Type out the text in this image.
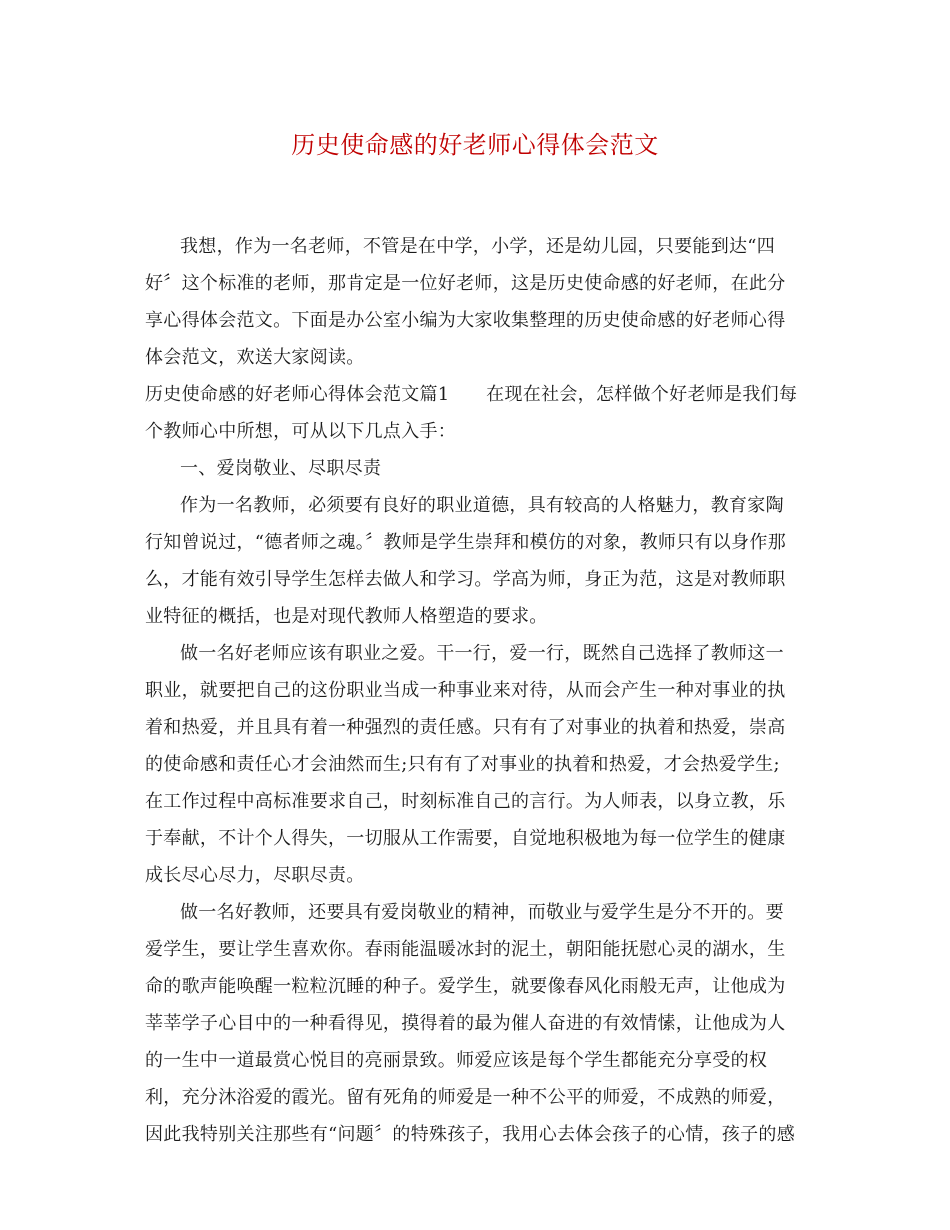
历史使命感的好老师心得体会范文
我想，作为一名老师，不管是在中学，小学，还是幼儿园，只要能到达“四
好〞这个标准的老师，那肯定是一位好老师，这是历史使命感的好老师，在此分
享心得体会范文。下面是办公室小编为大家收集整理的历史使命感的好老师心得
体会范文，欢送大家阅读。
历史使命感的好老师心得体会范文篇1　　在现在社会，怎样做个好老师是我们每
个教师心中所想，可从以下几点入手：
一、爱岗敬业、尽职尽责
作为一名教师，必须要有良好的职业道德，具有较高的人格魅力，教育家陶
行知曾说过，“德者师之魂。〞教师是学生崇拜和模仿的对象，教师只有以身作那
么，才能有效引导学生怎样去做人和学习。学高为师，身正为范，这是对教师职
业特征的概括，也是对现代教师人格塑造的要求。
做一名好老师应该有职业之爱。干一行，爱一行，既然自己选择了教师这一
职业，就要把自己的这份职业当成一种事业来对待，从而会产生一种对事业的执
着和热爱，并且具有着一种强烈的责任感。只有有了对事业的执着和热爱，崇高
的使命感和责任心才会油然而生;只有有了对事业的执着和热爱，才会热爱学生;
在工作过程中高标准要求自己，时刻标准自己的言行。为人师表，以身立教，乐
于奉献，不计个人得失，一切服从工作需要，自觉地积极地为每一位学生的健康
成长尽心尽力，尽职尽责。
做一名好教师，还要具有爱岗敬业的精神，而敬业与爱学生是分不开的。要
爱学生，要让学生喜欢你。春雨能温暖冰封的泥土，朝阳能抚慰心灵的湖水，生
命的歌声能唤醒一粒粒沉睡的种子。爱学生，就要像春风化雨般无声，让他成为
莘莘学子心目中的一种看得见，摸得着的最为催人奋进的有效情愫，让他成为人
的一生中一道最赏心悦目的亮丽景致。师爱应该是每个学生都能充分享受的权
利，充分沐浴爱的霞光。留有死角的师爱是一种不公平的师爱，不成熟的师爱，
因此我特别关注那些有“问题〞的特殊孩子，我用心去体会孩子的心情，孩子的感
